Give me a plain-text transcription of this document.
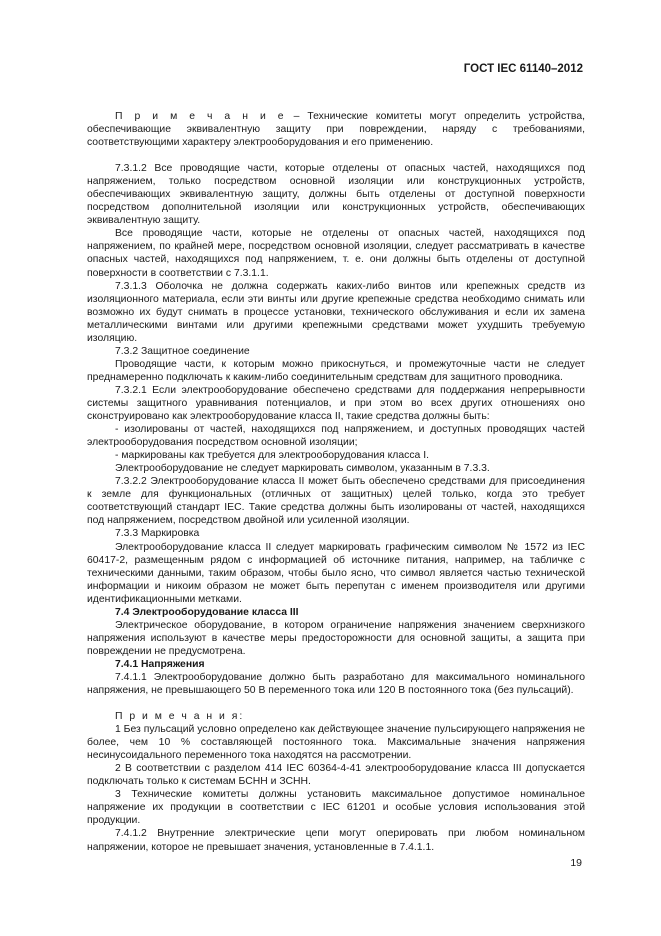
ГОСТ IEC 61140–2012

П р и м е ч а н и е – Технические комитеты могут определить устройства, обеспечивающие эквивалентную защиту при повреждении, наряду с требованиями, соответствующими характеру электрооборудования и его применению.

7.3.1.2 Все проводящие части, которые отделены от опасных частей, находящихся под напряжением, только посредством основной изоляции или конструкционных устройств, обеспечивающих эквивалентную защиту, должны быть отделены от доступной поверхности посредством дополнительной изоляции или конструкционных устройств, обеспечивающих эквивалентную защиту.

Все проводящие части, которые не отделены от опасных частей, находящихся под напряжением, по крайней мере, посредством основной изоляции, следует рассматривать в качестве опасных частей, находящихся под напряжением, т. е. они должны быть отделены от доступной поверхности в соответствии с 7.3.1.1.

7.3.1.3 Оболочка не должна содержать каких-либо винтов или крепежных средств из изоляционного материала, если эти винты или другие крепежные средства необходимо снимать или возможно их будут снимать в процессе установки, технического обслуживания и если их замена металлическими винтами или другими крепежными средствами может ухудшить требуемую изоляцию.

7.3.2 Защитное соединение

Проводящие части, к которым можно прикоснуться, и промежуточные части не следует преднамеренно подключать к каким-либо соединительным средствам для защитного проводника.

7.3.2.1 Если электрооборудование обеспечено средствами для поддержания непрерывности системы защитного уравнивания потенциалов, и при этом во всех других отношениях оно сконструировано как электрооборудование класса II, такие средства должны быть:

- изолированы от частей, находящихся под напряжением, и доступных проводящих частей электрооборудования посредством основной изоляции;

- маркированы как требуется для электрооборудования класса I.

Электрооборудование не следует маркировать символом, указанным в 7.3.3.

7.3.2.2 Электрооборудование класса II может быть обеспечено средствами для присоединения к земле для функциональных (отличных от защитных) целей только, когда это требует соответствующий стандарт IEC. Такие средства должны быть изолированы от частей, находящихся под напряжением, посредством двойной или усиленной изоляции.

7.3.3 Маркировка

Электрооборудование класса II следует маркировать графическим символом № 1572 из IEC 60417-2, размещенным рядом с информацией об источнике питания, например, на табличке с техническими данными, таким образом, чтобы было ясно, что символ является частью технической информации и никоим образом не может быть перепутан с именем производителя или другими идентификационными метками.

7.4 Электрооборудование класса III

Электрическое оборудование, в котором ограничение напряжения значением сверхнизкого напряжения используют в качестве меры предосторожности для основной защиты, а защита при повреждении не предусмотрена.

7.4.1 Напряжения

7.4.1.1 Электрооборудование должно быть разработано для максимального номинального напряжения, не превышающего 50 В переменного тока или 120 В постоянного тока (без пульсаций).

П р и м е ч а н и я:

1 Без пульсаций условно определено как действующее значение пульсирующего напряжения не более, чем 10 % составляющей постоянного тока. Максимальные значения напряжения несинусоидального переменного тока находятся на рассмотрении.

2 В соответствии с разделом 414 IEC 60364-4-41 электрооборудование класса III допускается подключать только к системам БСНН и ЗСНН.

3 Технические комитеты должны установить максимальное допустимое номинальное напряжение их продукции в соответствии с IEC 61201 и особые условия использования этой продукции.

7.4.1.2 Внутренние электрические цепи могут оперировать при любом номинальном напряжении, которое не превышает значения, установленные в 7.4.1.1.

19
